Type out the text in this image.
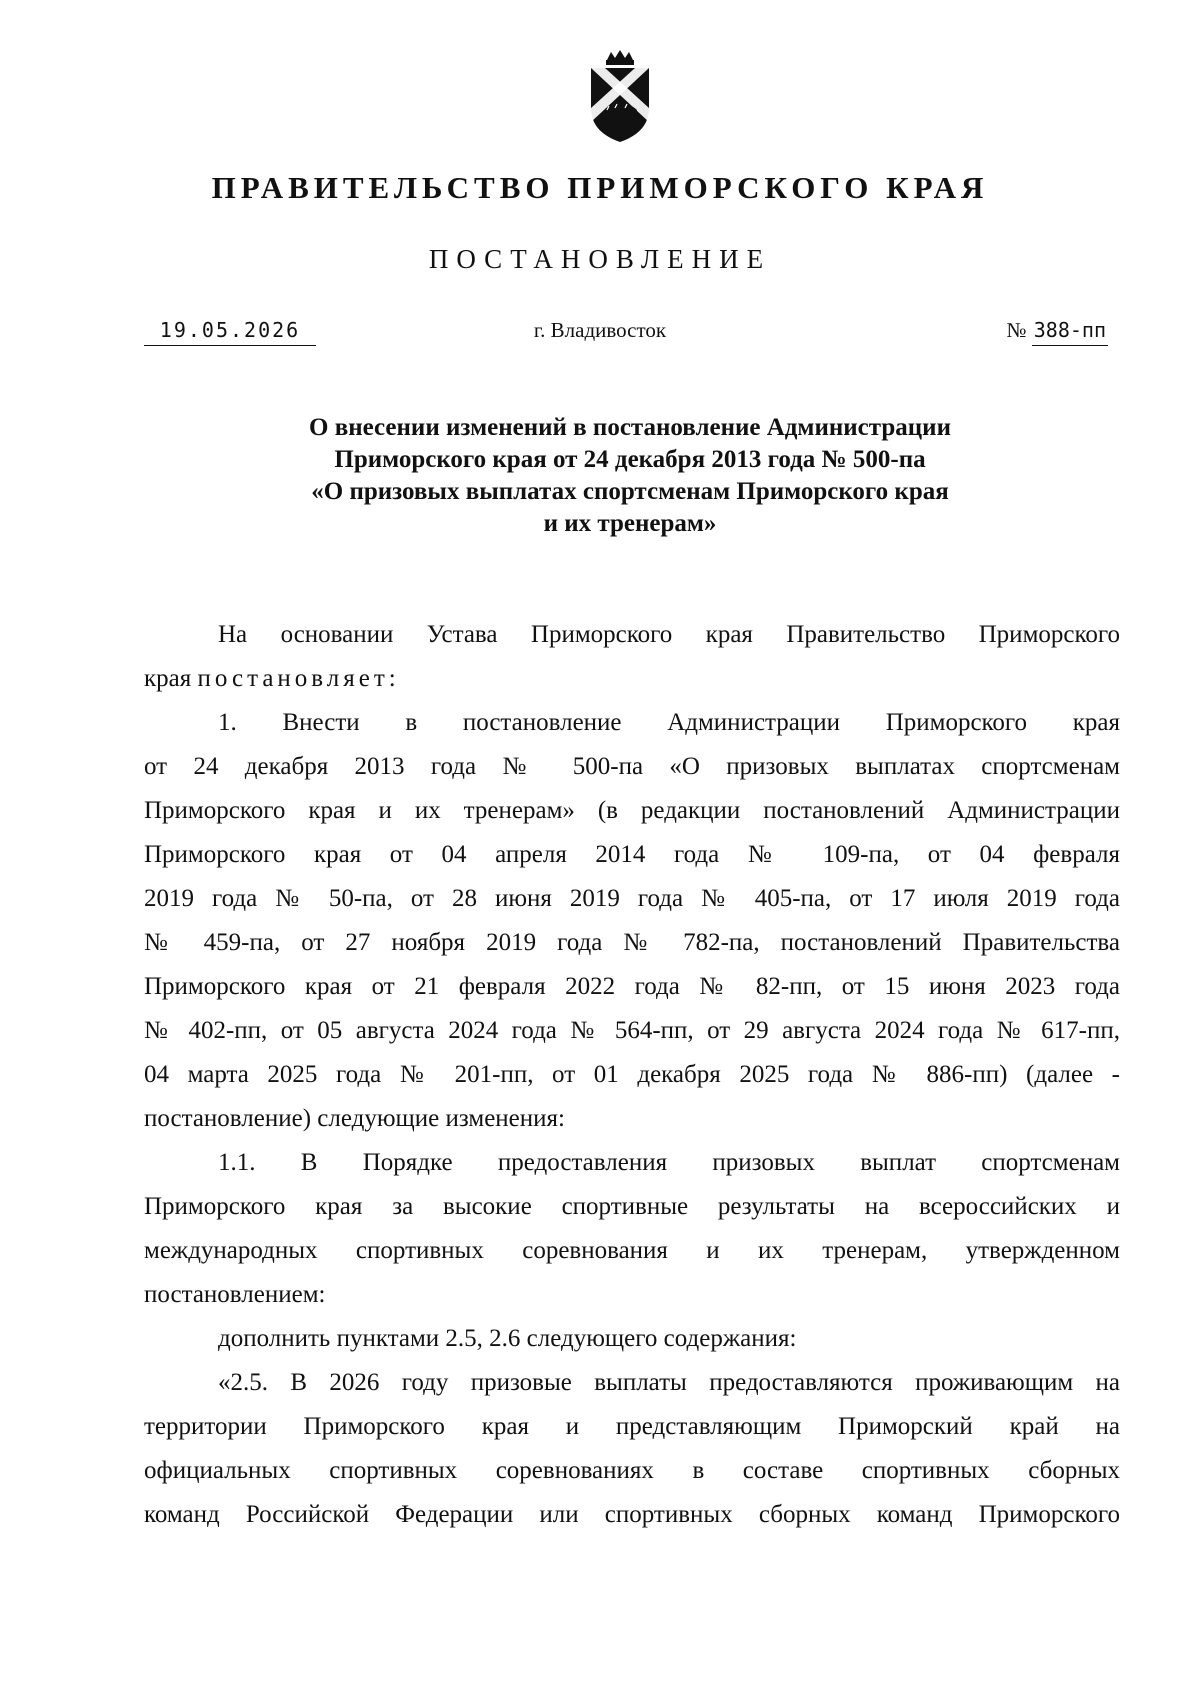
ПРАВИТЕЛЬСТВО ПРИМОРСКОГО КРАЯ
ПОСТАНОВЛЕНИЕ
19.05.2026	г. Владивосток	№ 388-пп
О внесении изменений в постановление Администрации
Приморского края от 24 декабря 2013 года № 500-па
«О призовых выплатах спортсменам Приморского края
и их тренерам»

На основании Устава Приморского края Правительство Приморского

края постановляет:

1. Внести в постановление Администрации Приморского края

от 24 декабря 2013 года № 500-па «О призовых выплатах спортсменам

Приморского края и их тренерам» (в редакции постановлений Администрации

Приморского края от 04 апреля 2014 года № 109-па, от 04 февраля

2019 года № 50-па, от 28 июня 2019 года № 405-па, от 17 июля 2019 года

№ 459-па, от 27 ноября 2019 года № 782-па, постановлений Правительства

Приморского края от 21 февраля 2022 года № 82-пп, от 15 июня 2023 года

№ 402-пп, от 05 августа 2024 года № 564-пп, от 29 августа 2024 года № 617-пп,

04 марта 2025 года № 201-пп, от 01 декабря 2025 года № 886-пп) (далее -

постановление) следующие изменения:

1.1. В Порядке предоставления призовых выплат спортсменам

Приморского края за высокие спортивные результаты на всероссийских и

международных спортивных соревнования и их тренерам, утвержденном

постановлением:

дополнить пунктами 2.5, 2.6 следующего содержания:

«2.5. В 2026 году призовые выплаты предоставляются проживающим на

территории Приморского края и представляющим Приморский край на

официальных спортивных соревнованиях в составе спортивных сборных

команд Российской Федерации или спортивных сборных команд Приморского
